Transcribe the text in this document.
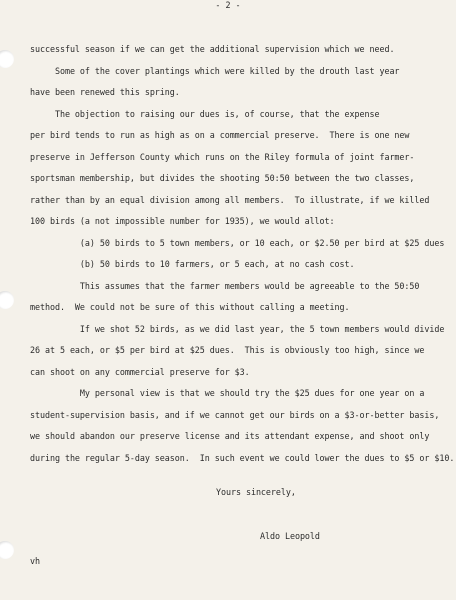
- 2 -
successful season if we can get the additional supervision which we need.
Some of the cover plantings which were killed by the drouth last year
have been renewed this spring.
The objection to raising our dues is, of course, that the expense
per bird tends to run as high as on a commercial preserve.  There is one new
preserve in Jefferson County which runs on the Riley formula of joint farmer-
sportsman membership, but divides the shooting 50:50 between the two classes,
rather than by an equal division among all members.  To illustrate, if we killed
100 birds (a not impossible number for 1935), we would allot:
(a) 50 birds to 5 town members, or 10 each, or $2.50 per bird at $25 dues
(b) 50 birds to 10 farmers, or 5 each, at no cash cost.
This assumes that the farmer members would be agreeable to the 50:50
method.  We could not be sure of this without calling a meeting.
If we shot 52 birds, as we did last year, the 5 town members would divide
26 at 5 each, or $5 per bird at $25 dues.  This is obviously too high, since we
can shoot on any commercial preserve for $3.
My personal view is that we should try the $25 dues for one year on a
student-supervision basis, and if we cannot get our birds on a $3-or-better basis,
we should abandon our preserve license and its attendant expense, and shoot only
during the regular 5-day season.  In such event we could lower the dues to $5 or $10.
Yours sincerely,
Aldo Leopold
vh
